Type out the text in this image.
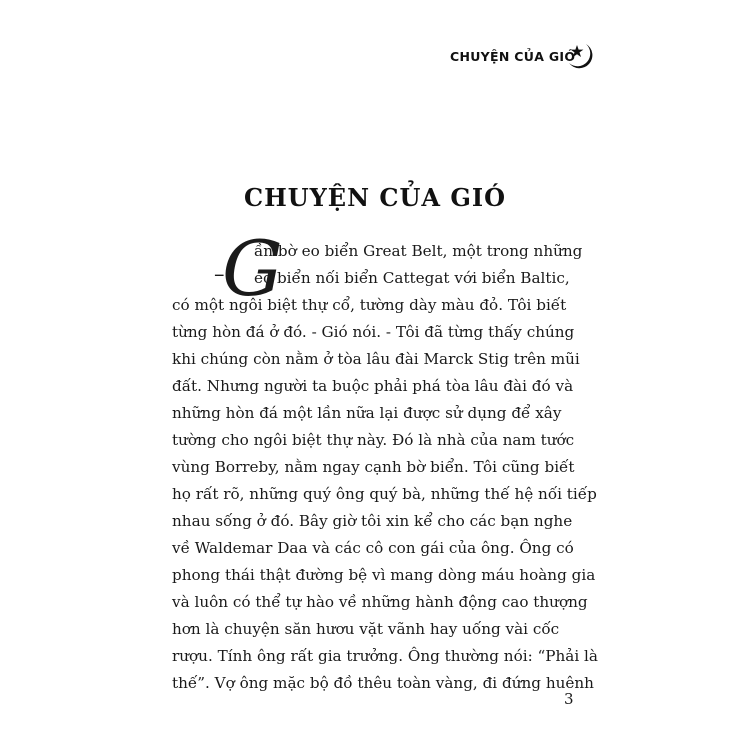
CHUYỆN CỦA GIÓ
CHUYỆN CỦA GIÓ
–
G
ần bờ eo biển Great Belt, một trong những
eo biển nối biển Cattegat với biển Baltic,
có một ngôi biệt thự cổ, tường dày màu đỏ. Tôi biết
từng hòn đá ở đó. - Gió nói. - Tôi đã từng thấy chúng
khi chúng còn nằm ở tòa lâu đài Marck Stig trên mũi
đất. Nhưng người ta buộc phải phá tòa lâu đài đó và
những hòn đá một lần nữa lại được sử dụng để xây
tường cho ngôi biệt thự này. Đó là nhà của nam tước
vùng Borreby, nằm ngay cạnh bờ biển. Tôi cũng biết
họ rất rõ, những quý ông quý bà, những thế hệ nối tiếp
nhau sống ở đó. Bây giờ tôi xin kể cho các bạn nghe
về Waldemar Daa và các cô con gái của ông. Ông có
phong thái thật đường bệ vì mang dòng máu hoàng gia
và luôn có thể tự hào về những hành động cao thượng
hơn là chuyện săn hươu vặt vãnh hay uống vài cốc
rượu. Tính ông rất gia trưởng. Ông thường nói: “Phải là
thế”. Vợ ông mặc bộ đồ thêu toàn vàng, đi đứng huênh
3
